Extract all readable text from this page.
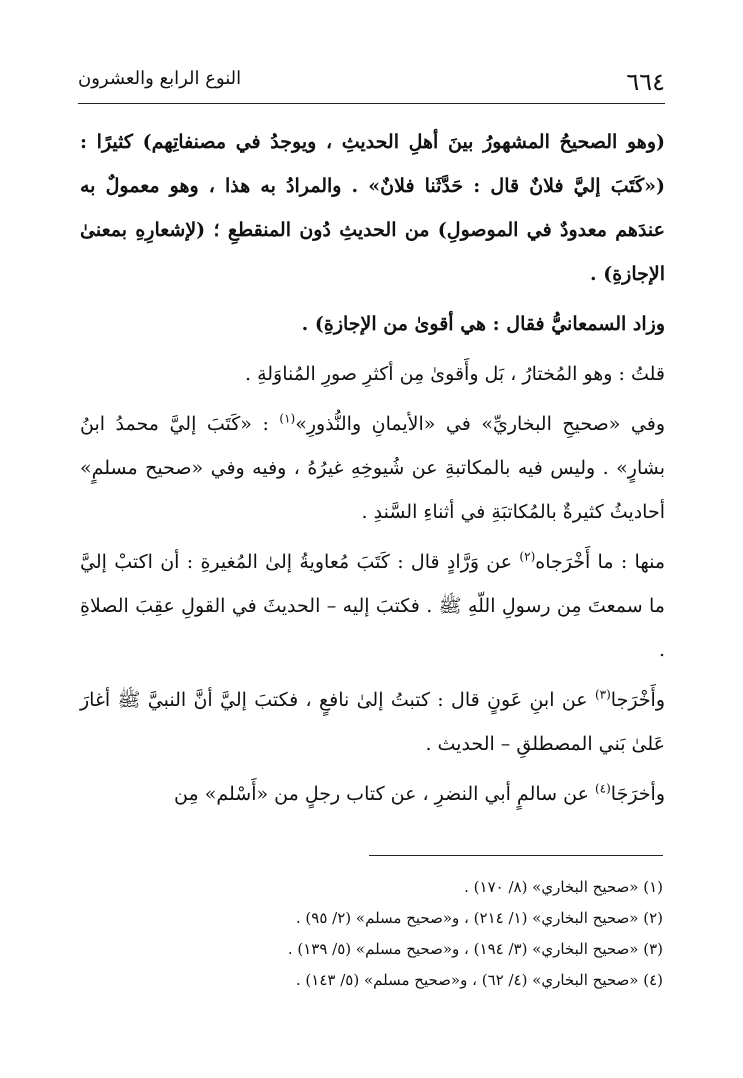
٦٦٤
النوع الرابع والعشرون

(وهو الصحيحُ المشهورُ بينَ أهلِ الحديثِ ، ويوجدُ في مصنفاتِهم) كثيرًا : («كَتَبَ إليَّ فلانٌ قال : حَدَّثَنا فلانٌ» . والمرادُ به هذا ، وهو معمولٌ به عندَهم معدودٌ في الموصولِ) من الحديثِ دُون المنقطعِ ؛ (لإشعارِهِ بمعنىٰ الإجازةِ) .

وزاد السمعانيُّ فقال : هي أقوىٰ من الإجازةِ) .

قلتُ : وهو المُختارُ ، بَل وأَقوىٰ مِن أكثرِ صورِ المُناوَلةِ .

وفي «صحيحِ البخاريِّ» في «الأيمانِ والنُّذورِ»$^{(١)}$ : «كَتَبَ إليَّ محمدُ ابنُ بشارٍ» . وليس فيه بالمكاتبةِ عن شُيوخِهِ غيرُهُ ، وفيه وفي «صحيح مسلمٍ» أحاديثُ كثيرةٌ بالمُكاتبَةِ في أثناءِ السَّندِ .

منها : ما أَخْرَجاه$^{(٢)}$ عن وَرَّادٍ قال : كَتَبَ مُعاويةُ إلىٰ المُغيرةِ : أن اكتبْ إليَّ ما سمعتَ مِن رسولِ اللّهِ ﷺ . فكتبَ إليه – الحديثَ في القولِ عقِبَ الصلاةِ .

وأَخْرَجا$^{(٣)}$ عن ابنِ عَونٍ قال : كتبتُ إلىٰ نافعٍ ، فكتبَ إليَّ أنَّ النبيَّ ﷺ أغارَ عَلىٰ بَني المصطلقِ – الحديث .

وأخرَجَا$^{(٤)}$ عن سالمٍ أبي النضرِ ، عن كتاب رجلٍ من «أَسْلم» مِن

(١) «صحيح البخاري» (٨/ ١٧٠) .
(٢) «صحيح البخاري» (١/ ٢١٤) ، و«صحيح مسلم» (٢/ ٩٥) .
(٣) «صحيح البخاري» (٣/ ١٩٤) ، و«صحيح مسلم» (٥/ ١٣٩) .
(٤) «صحيح البخاري» (٤/ ٦٢) ، و«صحيح مسلم» (٥/ ١٤٣) .
